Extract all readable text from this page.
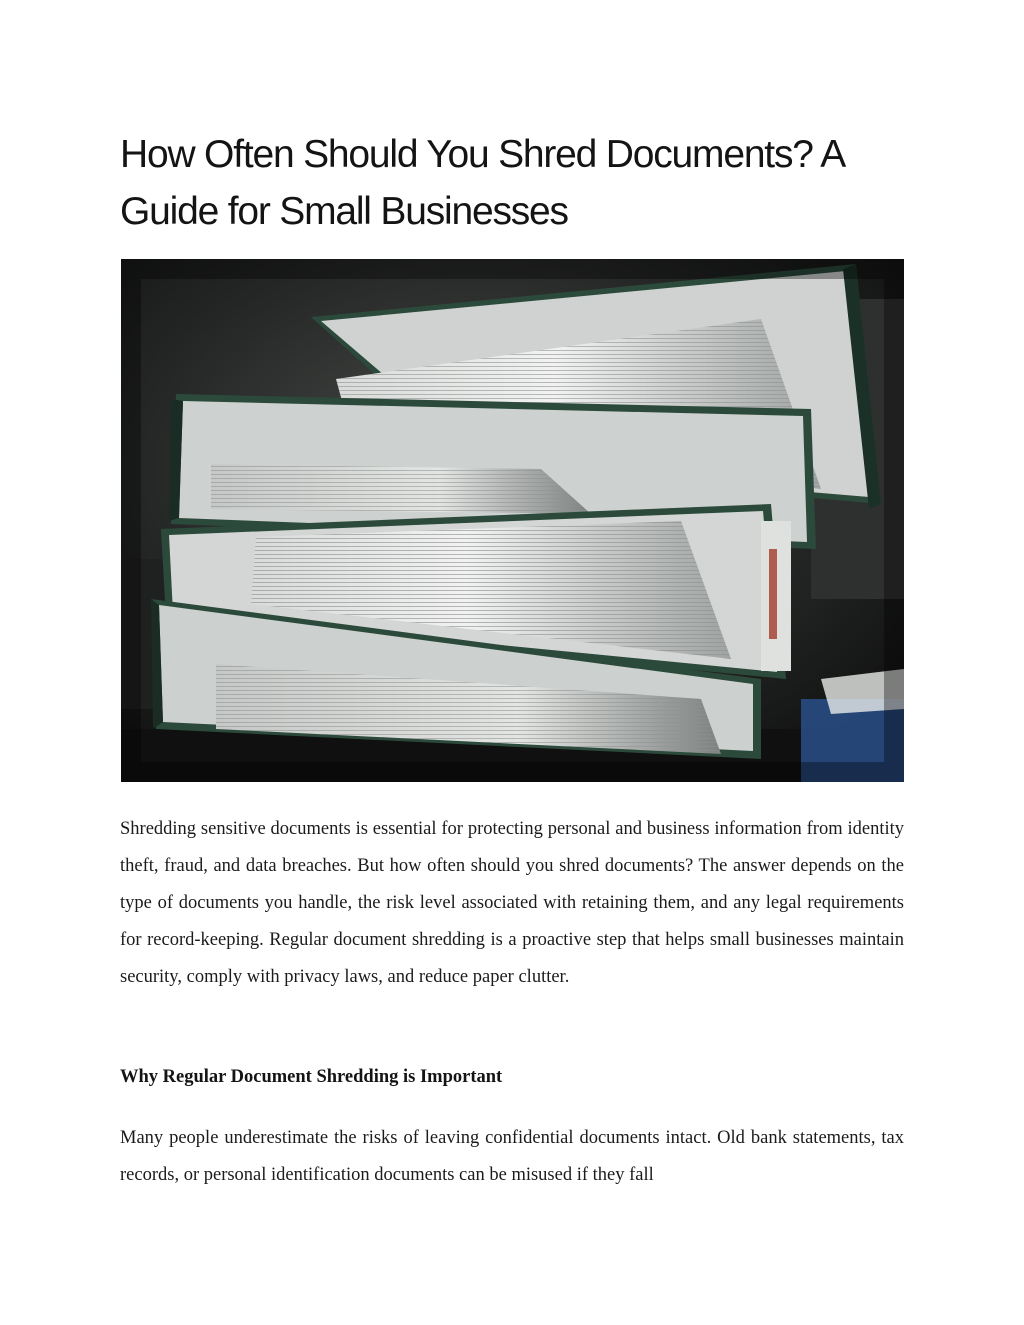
How Often Should You Shred Documents? A Guide for Small Businesses

Shredding sensitive documents is essential for protecting personal and business information from identity theft, fraud, and data breaches. But how often should you shred documents? The answer depends on the type of documents you handle, the risk level associated with retaining them, and any legal requirements for record-keeping. Regular document shredding is a proactive step that helps small businesses maintain security, comply with privacy laws, and reduce paper clutter.

Why Regular Document Shredding is Important

Many people underestimate the risks of leaving confidential documents intact. Old bank statements, tax records, or personal identification documents can be misused if they fall
